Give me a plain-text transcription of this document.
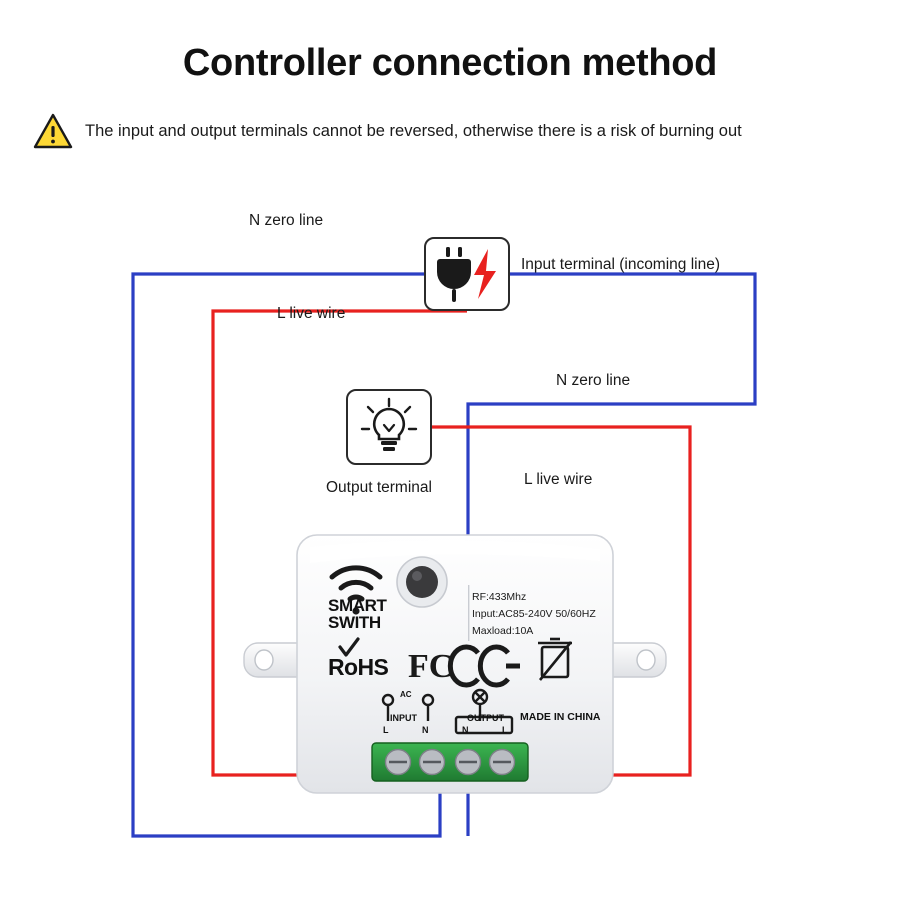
Controller connection method
The input and output terminals cannot be reversed, otherwise there is a risk of burning out
N zero line
L live wire
N zero line
L live wire
Input terminal (incoming line)
Output terminal
FC
SMART
SWITH
RoHS
RF:433Mhz
Input:AC85-240V 50/60HZ
Maxload:10A
MADE IN CHINA
AC
INPUT	OUTPUT
L	N	N	L
